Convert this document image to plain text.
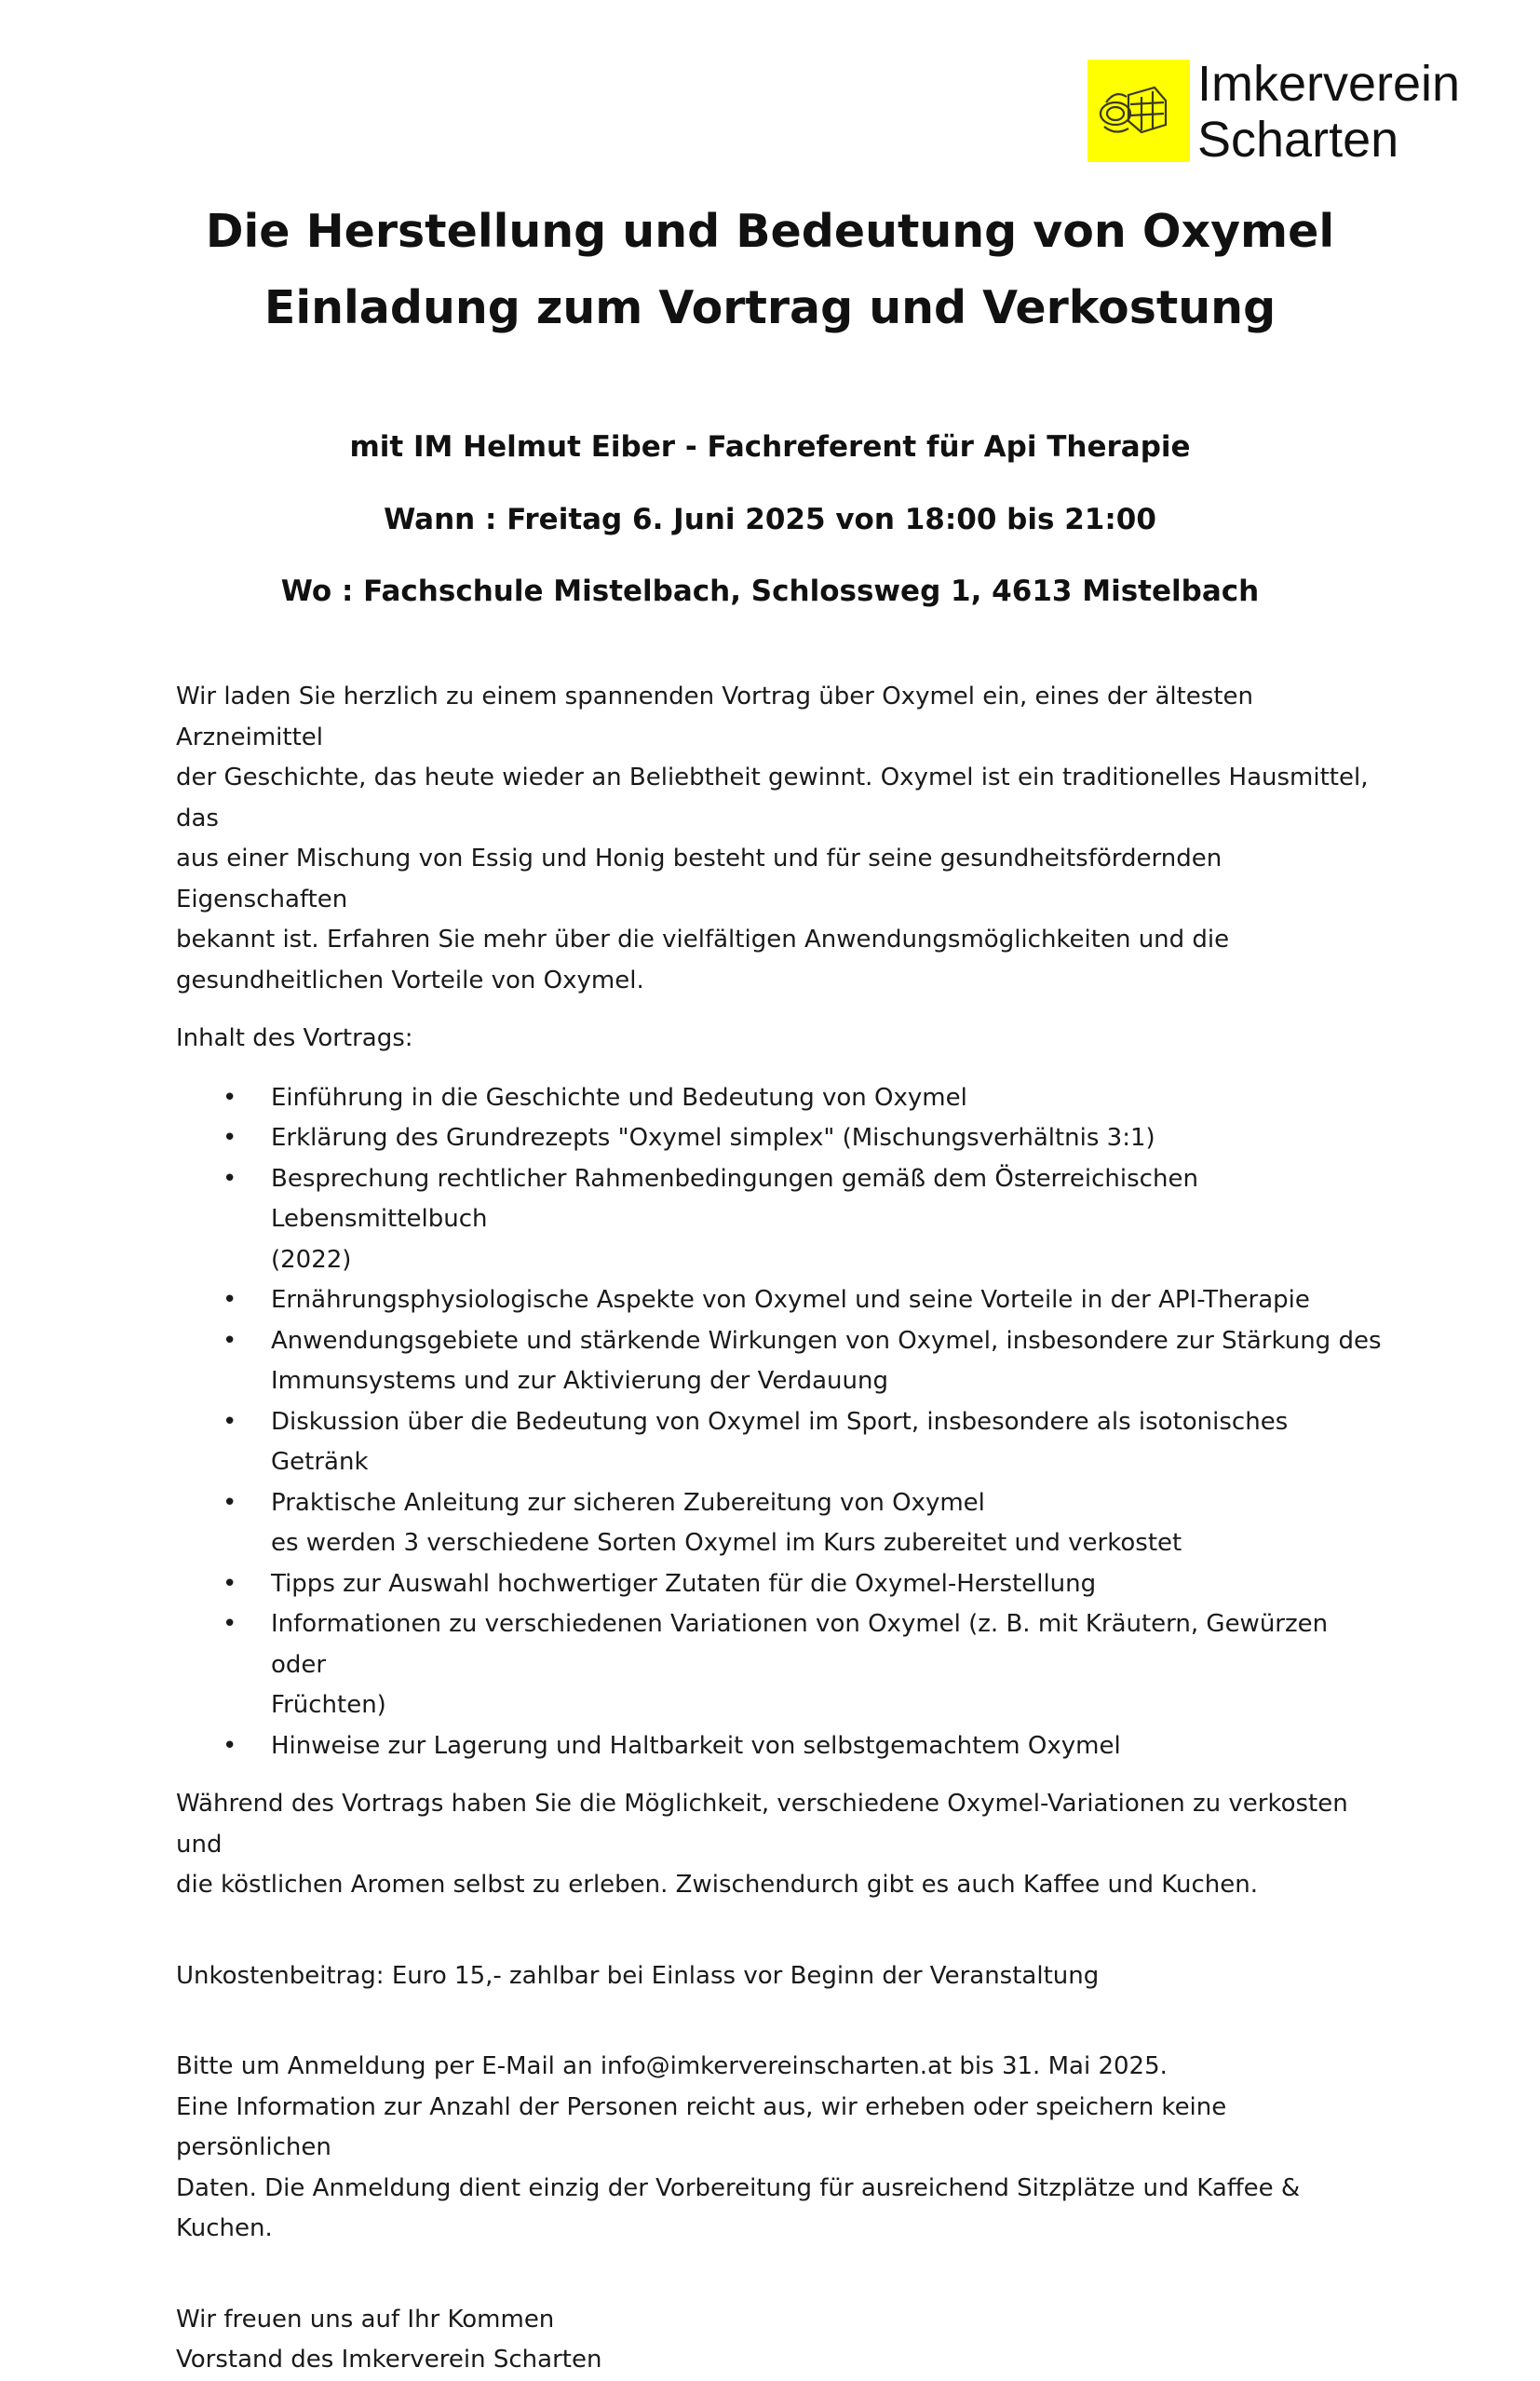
Imkerverein
Scharten
Die Herstellung und Bedeutung von Oxymel
Einladung zum Vortrag und Verkostung
mit IM Helmut Eiber - Fachreferent für Api Therapie
Wann : Freitag 6. Juni 2025 von 18:00 bis 21:00
Wo : Fachschule Mistelbach, Schlossweg 1, 4613 Mistelbach

Wir laden Sie herzlich zu einem spannenden Vortrag über Oxymel ein, eines der ältesten Arzneimittel
der Geschichte, das heute wieder an Beliebtheit gewinnt. Oxymel ist ein traditionelles Hausmittel, das
aus einer Mischung von Essig und Honig besteht und für seine gesundheitsfördernden Eigenschaften
bekannt ist. Erfahren Sie mehr über die vielfältigen Anwendungsmöglichkeiten und die
gesundheitlichen Vorteile von Oxymel.

Inhalt des Vortrags:

• Einführung in die Geschichte und Bedeutung von Oxymel
• Erklärung des Grundrezepts "Oxymel simplex" (Mischungsverhältnis 3:1)
• Besprechung rechtlicher Rahmenbedingungen gemäß dem Österreichischen Lebensmittelbuch
(2022)
• Ernährungsphysiologische Aspekte von Oxymel und seine Vorteile in der API-Therapie
• Anwendungsgebiete und stärkende Wirkungen von Oxymel, insbesondere zur Stärkung des
Immunsystems und zur Aktivierung der Verdauung
• Diskussion über die Bedeutung von Oxymel im Sport, insbesondere als isotonisches Getränk
• Praktische Anleitung zur sicheren Zubereitung von Oxymel
es werden 3 verschiedene Sorten Oxymel im Kurs zubereitet und verkostet
• Tipps zur Auswahl hochwertiger Zutaten für die Oxymel-Herstellung
• Informationen zu verschiedenen Variationen von Oxymel (z. B. mit Kräutern, Gewürzen oder
Früchten)
• Hinweise zur Lagerung und Haltbarkeit von selbstgemachtem Oxymel

Während des Vortrags haben Sie die Möglichkeit, verschiedene Oxymel-Variationen zu verkosten und
die köstlichen Aromen selbst zu erleben. Zwischendurch gibt es auch Kaffee und Kuchen.

Unkostenbeitrag: Euro 15,- zahlbar bei Einlass vor Beginn der Veranstaltung

Bitte um Anmeldung per E-Mail an info@imkervereinscharten.at bis 31. Mai 2025.
Eine Information zur Anzahl der Personen reicht aus, wir erheben oder speichern keine persönlichen
Daten. Die Anmeldung dient einzig der Vorbereitung für ausreichend Sitzplätze und Kaffee & Kuchen.

Wir freuen uns auf Ihr Kommen
Vorstand des Imkerverein Scharten
